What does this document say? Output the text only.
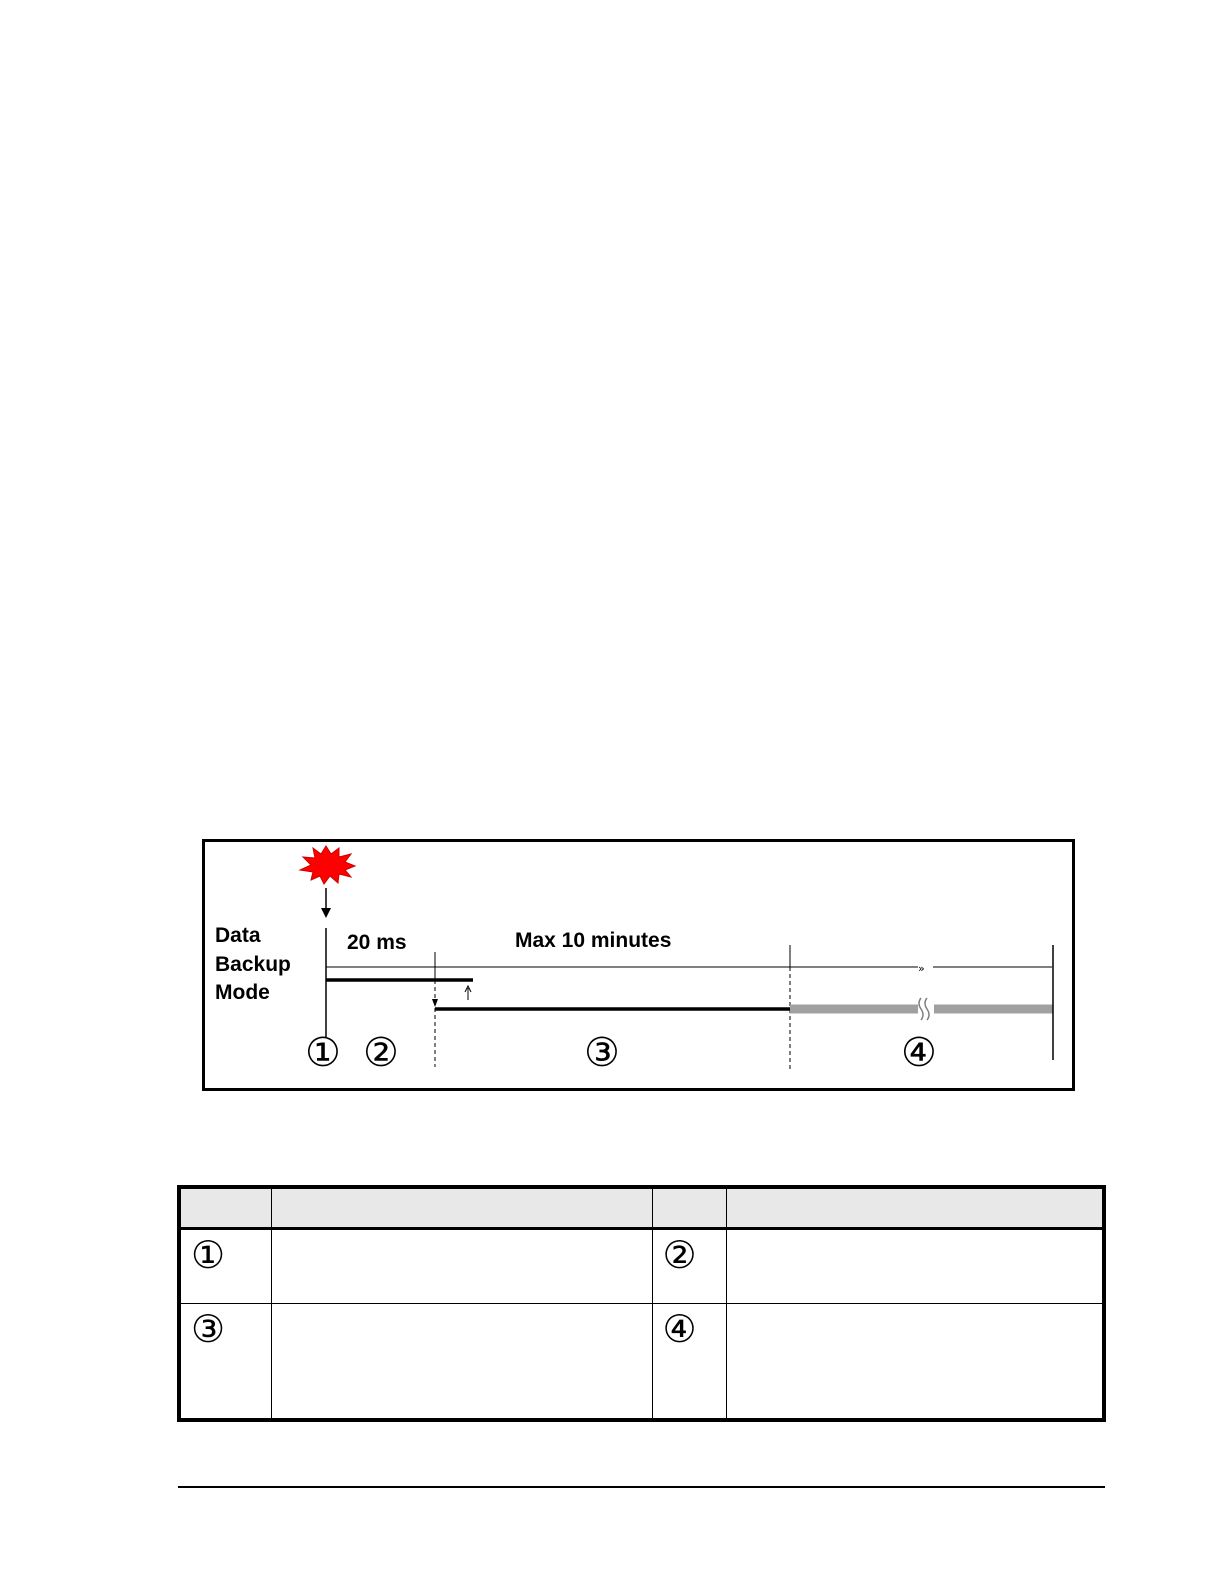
»
Data
Backup
Mode
20 ms	Max 10 minutes
① ②	③	④

①		②	

③		④	
